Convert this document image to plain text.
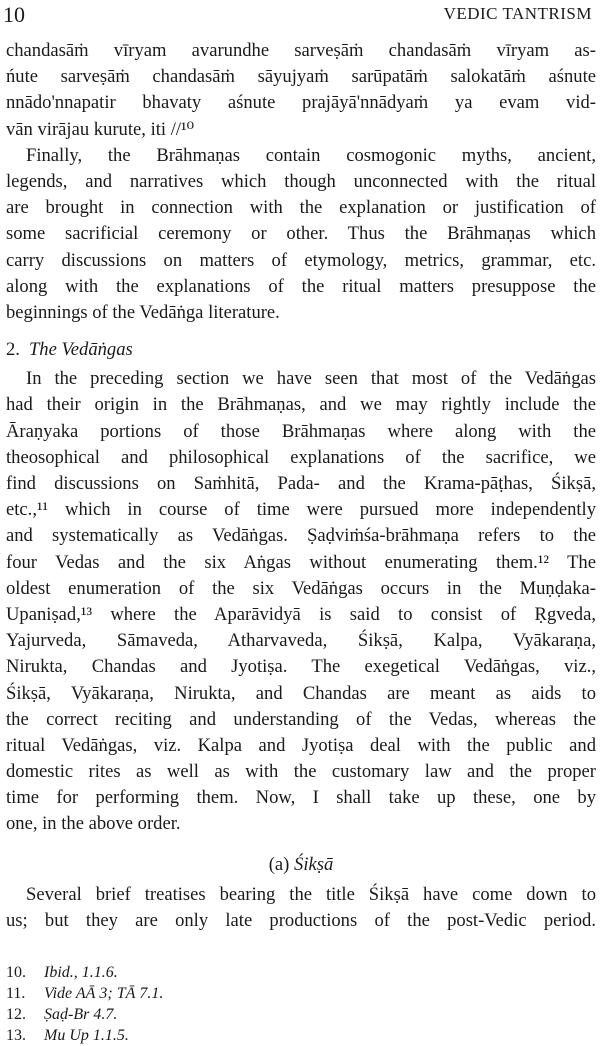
10	VEDIC TANTRISM
chandasāṁ vīryam avarundhe sarveṣāṁ chandasāṁ vīryam as-
ńute sarveṣāṁ chandasāṁ sāyujyaṁ sarūpatāṁ salokatāṁ aśnute
nnādo'nnapatir bhavaty aśnute prajāyā'nnādyaṁ ya evam vid-
vān virājau kurute, iti //¹⁰
Finally, the Brāhmaṇas contain cosmogonic myths, ancient,
legends, and narratives which though unconnected with the ritual
are brought in connection with the explanation or justification of
some sacrificial ceremony or other. Thus the Brāhmaṇas which
carry discussions on matters of etymology, metrics, grammar, etc.
along with the explanations of the ritual matters presuppose the
beginnings of the Vedāṅga literature.
2. The Vedāṅgas
In the preceding section we have seen that most of the Vedāṅgas
had their origin in the Brāhmaṇas, and we may rightly include the
Āraṇyaka portions of those Brāhmaṇas where along with the
theosophical and philosophical explanations of the sacrifice, we
find discussions on Saṁhitā, Pada- and the Krama-pāṭhas, Śikṣā,
etc.,¹¹ which in course of time were pursued more independently
and systematically as Vedāṅgas. Ṣaḍviṁśa-brāhmaṇa refers to the
four Vedas and the six Aṅgas without enumerating them.¹² The
oldest enumeration of the six Vedāṅgas occurs in the Muṇḍaka-
Upaniṣad,¹³ where the Aparāvidyā is said to consist of Ṛgveda,
Yajurveda, Sāmaveda, Atharvaveda, Śikṣā, Kalpa, Vyākaraṇa,
Nirukta, Chandas and Jyotiṣa. The exegetical Vedāṅgas, viz.,
Śikṣā, Vyākaraṇa, Nirukta, and Chandas are meant as aids to
the correct reciting and understanding of the Vedas, whereas the
ritual Vedāṅgas, viz. Kalpa and Jyotiṣa deal with the public and
domestic rites as well as with the customary law and the proper
time for performing them. Now, I shall take up these, one by
one, in the above order.
(a) Śikṣā
Several brief treatises bearing the title Śikṣā have come down to
us; but they are only late productions of the post-Vedic period.
10. Ibid., 1.1.6.
11. Vide AĀ 3; TĀ 7.1.
12. Ṣaḍ-Br 4.7.
13. Mu Up 1.1.5.
